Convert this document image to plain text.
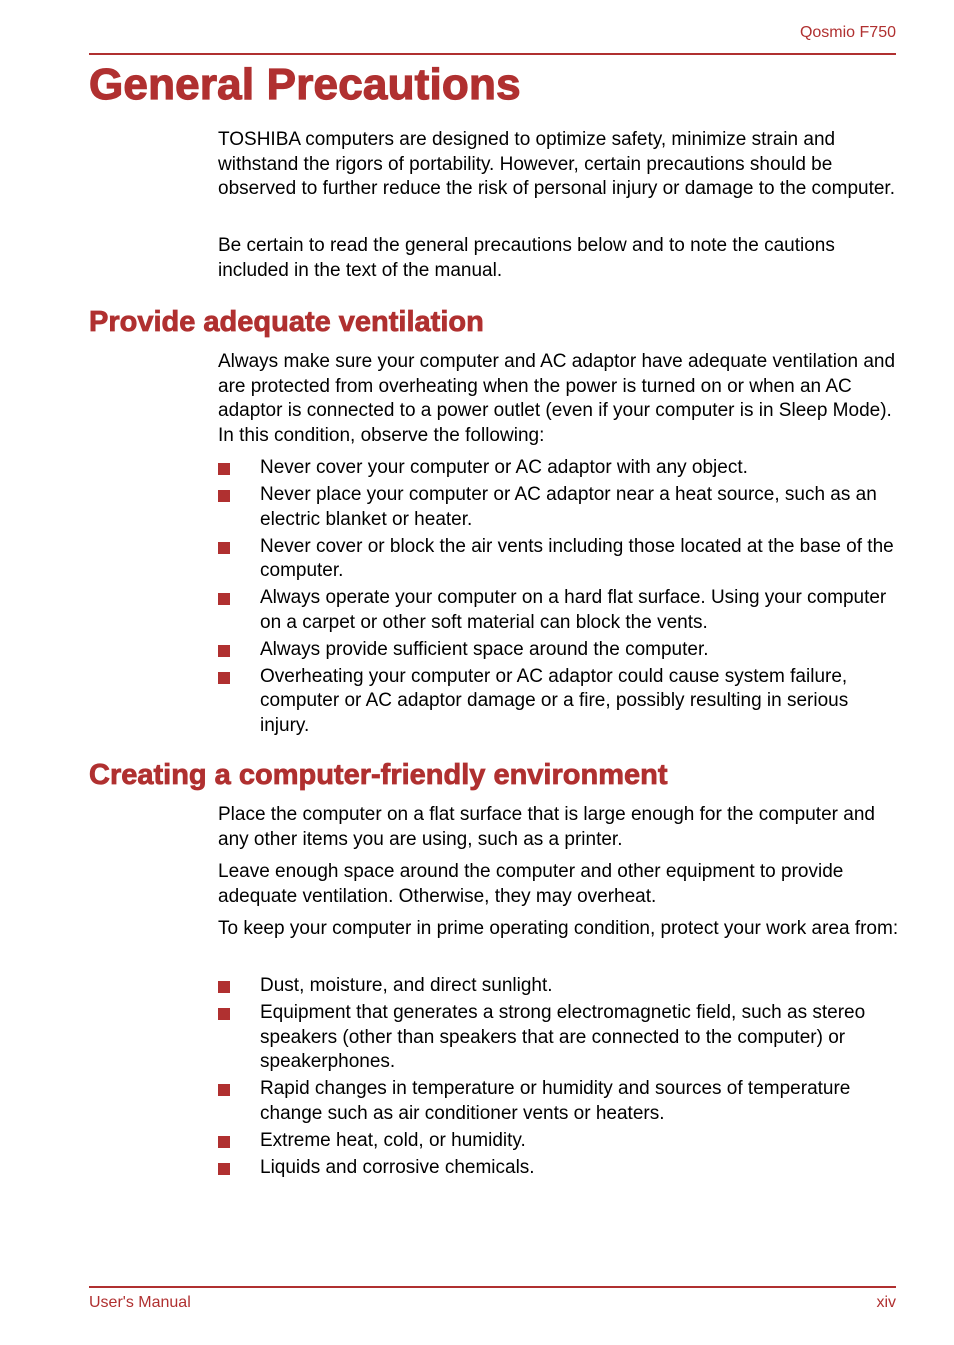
Qosmio F750
General Precautions

TOSHIBA computers are designed to optimize safety, minimize strain and withstand the rigors of portability. However, certain precautions should be observed to further reduce the risk of personal injury or damage to the computer.

Be certain to read the general precautions below and to note the cautions included in the text of the manual.

Provide adequate ventilation

Always make sure your computer and AC adaptor have adequate ventilation and are protected from overheating when the power is turned on or when an AC adaptor is connected to a power outlet (even if your computer is in Sleep Mode). In this condition, observe the following:

Never cover your computer or AC adaptor with any object.
Never place your computer or AC adaptor near a heat source, such as an electric blanket or heater.
Never cover or block the air vents including those located at the base of the computer.
Always operate your computer on a hard flat surface. Using your computer on a carpet or other soft material can block the vents.
Always provide sufficient space around the computer.
Overheating your computer or AC adaptor could cause system failure, computer or AC adaptor damage or a fire, possibly resulting in serious injury.
Creating a computer-friendly environment

Place the computer on a flat surface that is large enough for the computer and any other items you are using, such as a printer.

Leave enough space around the computer and other equipment to provide adequate ventilation. Otherwise, they may overheat.

To keep your computer in prime operating condition, protect your work area from:

Dust, moisture, and direct sunlight.
Equipment that generates a strong electromagnetic field, such as stereo speakers (other than speakers that are connected to the computer) or speakerphones.
Rapid changes in temperature or humidity and sources of temperature change such as air conditioner vents or heaters.
Extreme heat, cold, or humidity.
Liquids and corrosive chemicals.
User's Manual	xiv
